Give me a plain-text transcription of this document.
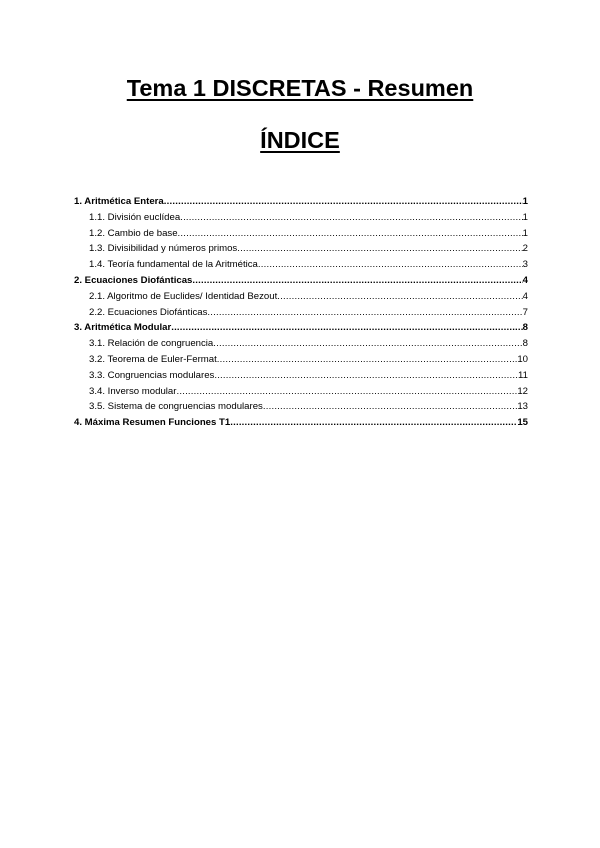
Tema 1 DISCRETAS - Resumen
ÍNDICE
1. Aritmética Entera .....	1
1.1. División euclídea .....	1
1.2. Cambio de base .....	1
1.3. Divisibilidad y números primos .....	2
1.4. Teoría fundamental de la Aritmética .....	3
2. Ecuaciones Diofánticas .....	4
2.1. Algoritmo de Euclides/ Identidad Bezout .....	4
2.2. Ecuaciones Diofánticas .....	7
3. Aritmética Modular .....	8
3.1. Relación de congruencia .....	8
3.2. Teorema de Euler-Fermat .....	10
3.3. Congruencias modulares .....	11
3.4. Inverso modular .....	12
3.5. Sistema de congruencias modulares .....	13
4. Máxima Resumen Funciones T1 .....	15
